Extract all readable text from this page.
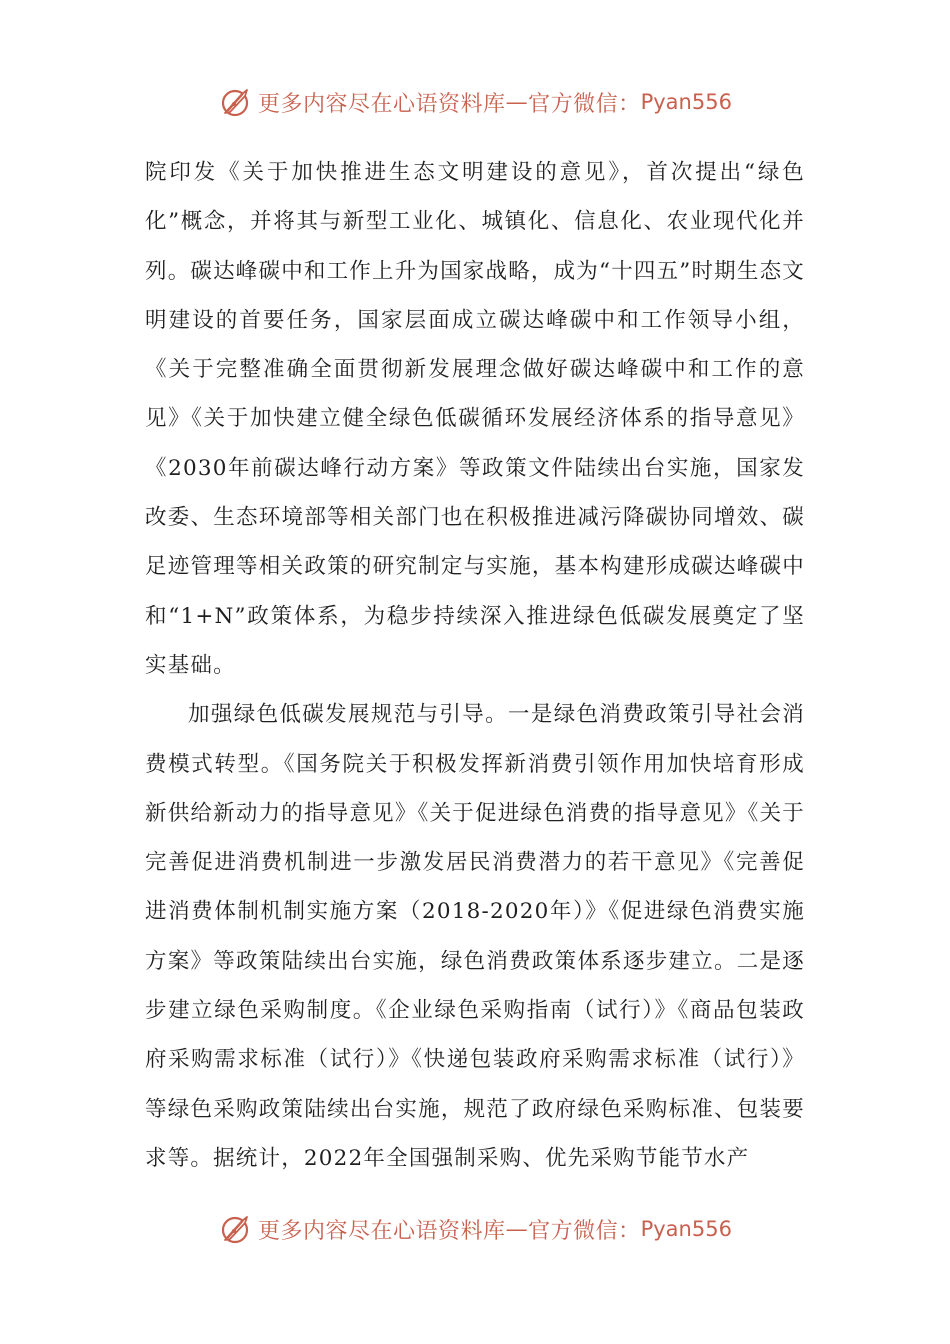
更多内容尽在心语资料库 — 官方微信： Pyan556

院印发《关于加快推进生态文明建设的意见》，首次提出“绿色化”概念，并将其与新型工业化、城镇化、信息化、农业现代化并列。碳达峰碳中和工作上升为国家战略，成为“十四五”时期生态文明建设的首要任务，国家层面成立碳达峰碳中和工作领导小组，《关于完整准确全面贯彻新发展理念做好碳达峰碳中和工作的意见》《关于加快建立健全绿色低碳循环发展经济体系的指导意见》《2030年前碳达峰行动方案》等政策文件陆续出台实施，国家发改委、生态环境部等相关部门也在积极推进减污降碳协同增效、碳足迹管理等相关政策的研究制定与实施，基本构建形成碳达峰碳中和“1+N”政策体系，为稳步持续深入推进绿色低碳发展奠定了坚实基础。

加强绿色低碳发展规范与引导。一是绿色消费政策引导社会消费模式转型。《国务院关于积极发挥新消费引领作用加快培育形成新供给新动力的指导意见》《关于促进绿色消费的指导意见》《关于完善促进消费机制进一步激发居民消费潜力的若干意见》《完善促进消费体制机制实施方案（2018-2020年）》《促进绿色消费实施方案》等政策陆续出台实施，绿色消费政策体系逐步建立。二是逐步建立绿色采购制度。《企业绿色采购指南（试行）》《商品包装政府采购需求标准（试行）》《快递包装政府采购需求标准（试行）》等绿色采购政策陆续出台实施，规范了政府绿色采购标准、包装要求等。据统计，2022年全国强制采购、优先采购节能节水产

更多内容尽在心语资料库 — 官方微信： Pyan556
